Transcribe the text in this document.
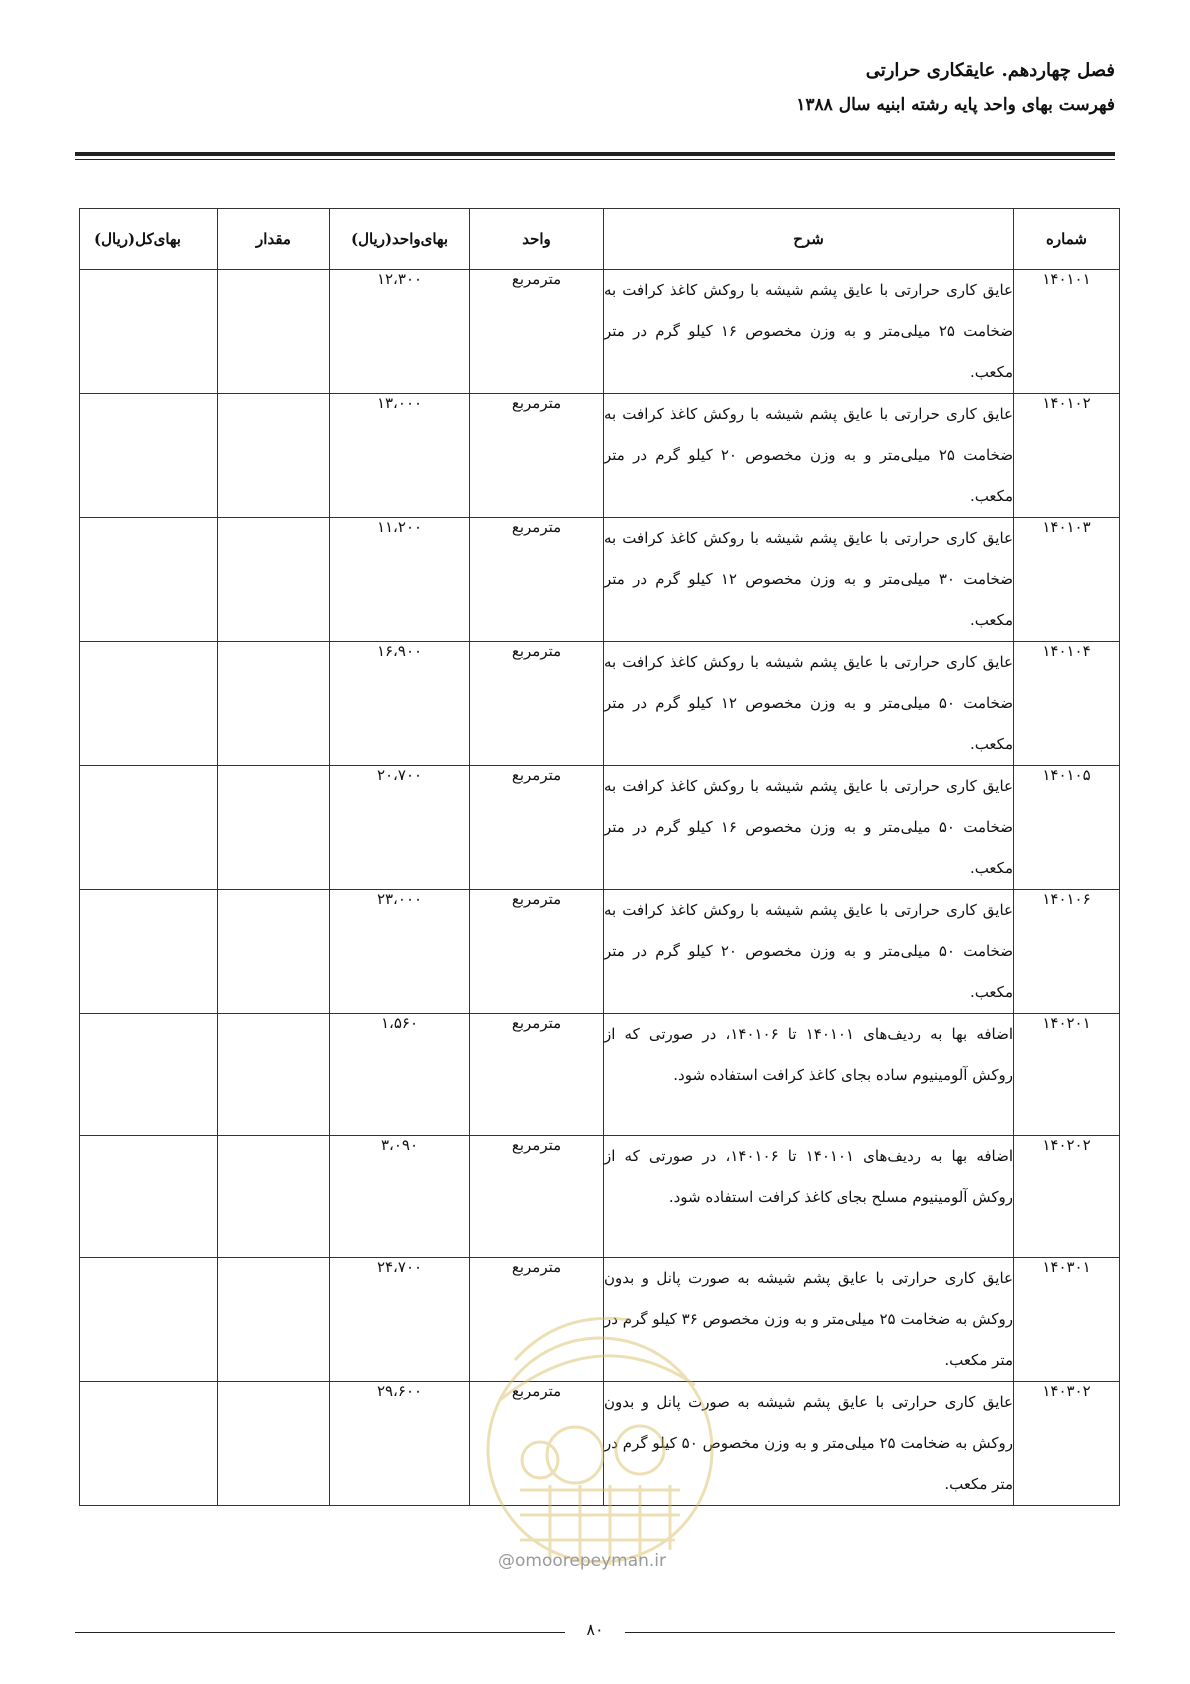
فصل چهاردهم. عایقکاری حرارتی
فهرست بهای واحد پایه رشته ابنیه سال ۱۳۸۸
شماره	شرح	واحد	بهای‌واحد(ریال)	مقدار	بهای‌کل(ریال)
۱۴۰۱۰۱	عایق کاری حرارتی با عایق پشم شیشه با روکش کاغذ کرافت به ضخامت ۲۵ میلی‌متر و به وزن مخصوص ۱۶ کیلو گرم در متر مکعب.	مترمربع	۱۲،۳۰۰		
۱۴۰۱۰۲	عایق کاری حرارتی با عایق پشم شیشه با روکش کاغذ کرافت به ضخامت ۲۵ میلی‌متر و به وزن مخصوص ۲۰ کیلو گرم در متر مکعب.	مترمربع	۱۳،۰۰۰		
۱۴۰۱۰۳	عایق کاری حرارتی با عایق پشم شیشه با روکش کاغذ کرافت به ضخامت ۳۰ میلی‌متر و به وزن مخصوص ۱۲ کیلو گرم در متر مکعب.	مترمربع	۱۱،۲۰۰		
۱۴۰۱۰۴	عایق کاری حرارتی با عایق پشم شیشه با روکش کاغذ کرافت به ضخامت ۵۰ میلی‌متر و به وزن مخصوص ۱۲ کیلو گرم در متر مکعب.	مترمربع	۱۶،۹۰۰		
۱۴۰۱۰۵	عایق کاری حرارتی با عایق پشم شیشه با روکش کاغذ کرافت به ضخامت ۵۰ میلی‌متر و به وزن مخصوص ۱۶ کیلو گرم در متر مکعب.	مترمربع	۲۰،۷۰۰		
۱۴۰۱۰۶	عایق کاری حرارتی با عایق پشم شیشه با روکش کاغذ کرافت به ضخامت ۵۰ میلی‌متر و به وزن مخصوص ۲۰ کیلو گرم در متر مکعب.	مترمربع	۲۳،۰۰۰		
۱۴۰۲۰۱	اضافه بها به ردیف‌های ۱۴۰۱۰۱ تا ۱۴۰۱۰۶، در صورتی که از روکش آلومینیوم ساده بجای کاغذ کرافت استفاده شود.	مترمربع	۱،۵۶۰		
۱۴۰۲۰۲	اضافه بها به ردیف‌های ۱۴۰۱۰۱ تا ۱۴۰۱۰۶، در صورتی که از روکش آلومینیوم مسلح بجای کاغذ کرافت استفاده شود.	مترمربع	۳،۰۹۰		
۱۴۰۳۰۱	عایق کاری حرارتی با عایق پشم شیشه به صورت پانل و بدون روکش به ضخامت ۲۵ میلی‌متر و به وزن مخصوص ۳۶ کیلو گرم در متر مکعب.	مترمربع	۲۴،۷۰۰		
۱۴۰۳۰۲	عایق کاری حرارتی با عایق پشم شیشه به صورت پانل و بدون روکش به ضخامت ۲۵ میلی‌متر و به وزن مخصوص ۵۰ کیلو گرم در متر مکعب.	مترمربع	۲۹،۶۰۰		
@omoorepeyman.ir
۸۰
